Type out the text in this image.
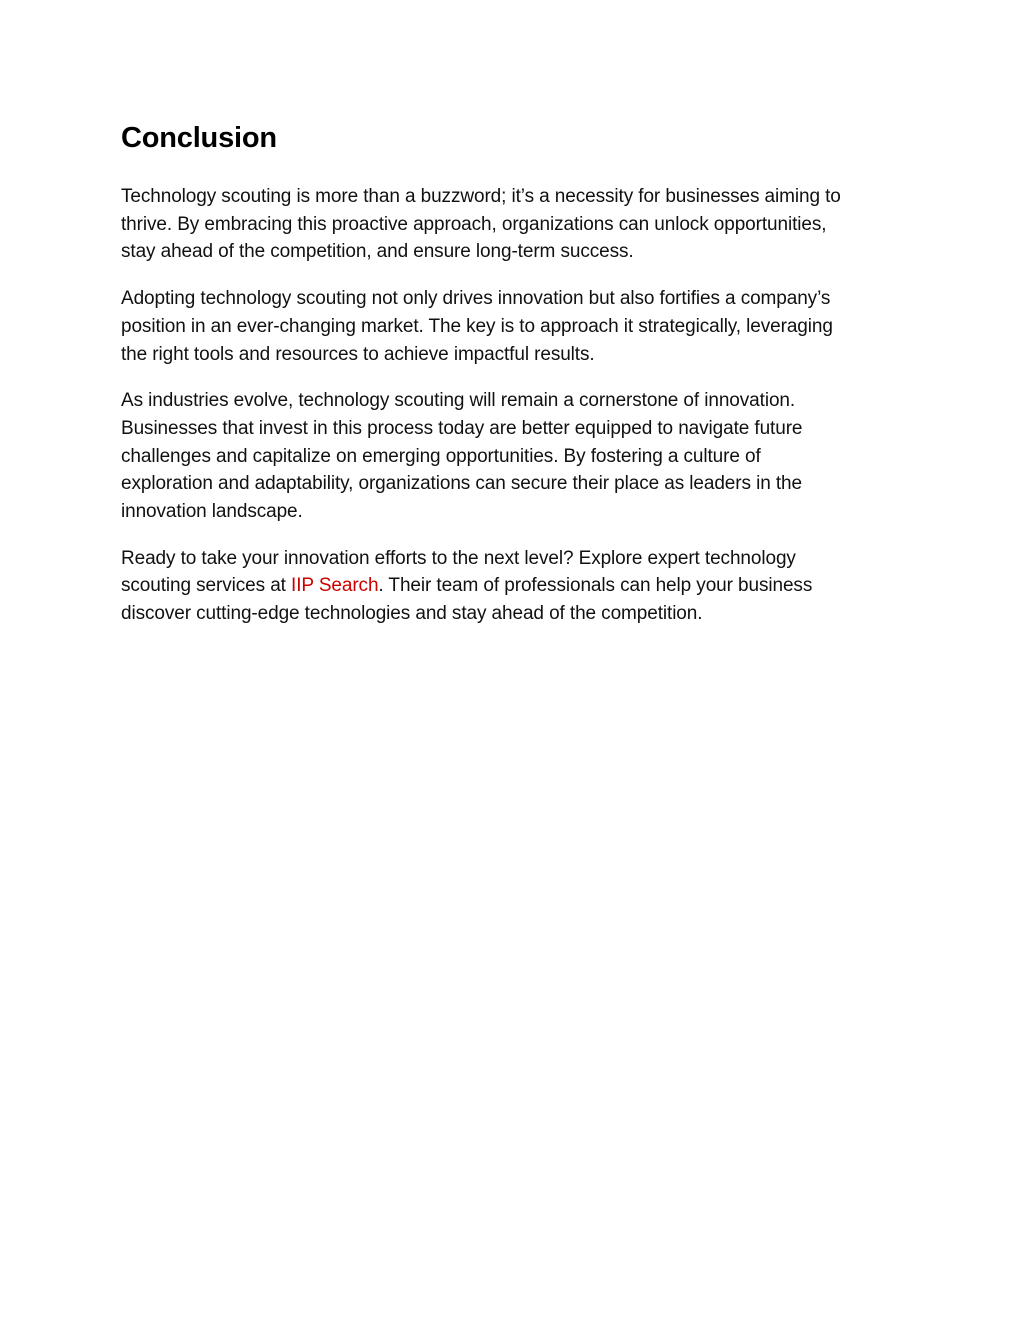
Conclusion

Technology scouting is more than a buzzword; it’s a necessity for businesses aiming to
thrive. By embracing this proactive approach, organizations can unlock opportunities,
stay ahead of the competition, and ensure long-term success.

Adopting technology scouting not only drives innovation but also fortifies a company’s
position in an ever-changing market. The key is to approach it strategically, leveraging
the right tools and resources to achieve impactful results.

As industries evolve, technology scouting will remain a cornerstone of innovation.
Businesses that invest in this process today are better equipped to navigate future
challenges and capitalize on emerging opportunities. By fostering a culture of
exploration and adaptability, organizations can secure their place as leaders in the
innovation landscape.

Ready to take your innovation efforts to the next level? Explore expert technology
scouting services at IIP Search. Their team of professionals can help your business
discover cutting-edge technologies and stay ahead of the competition.
